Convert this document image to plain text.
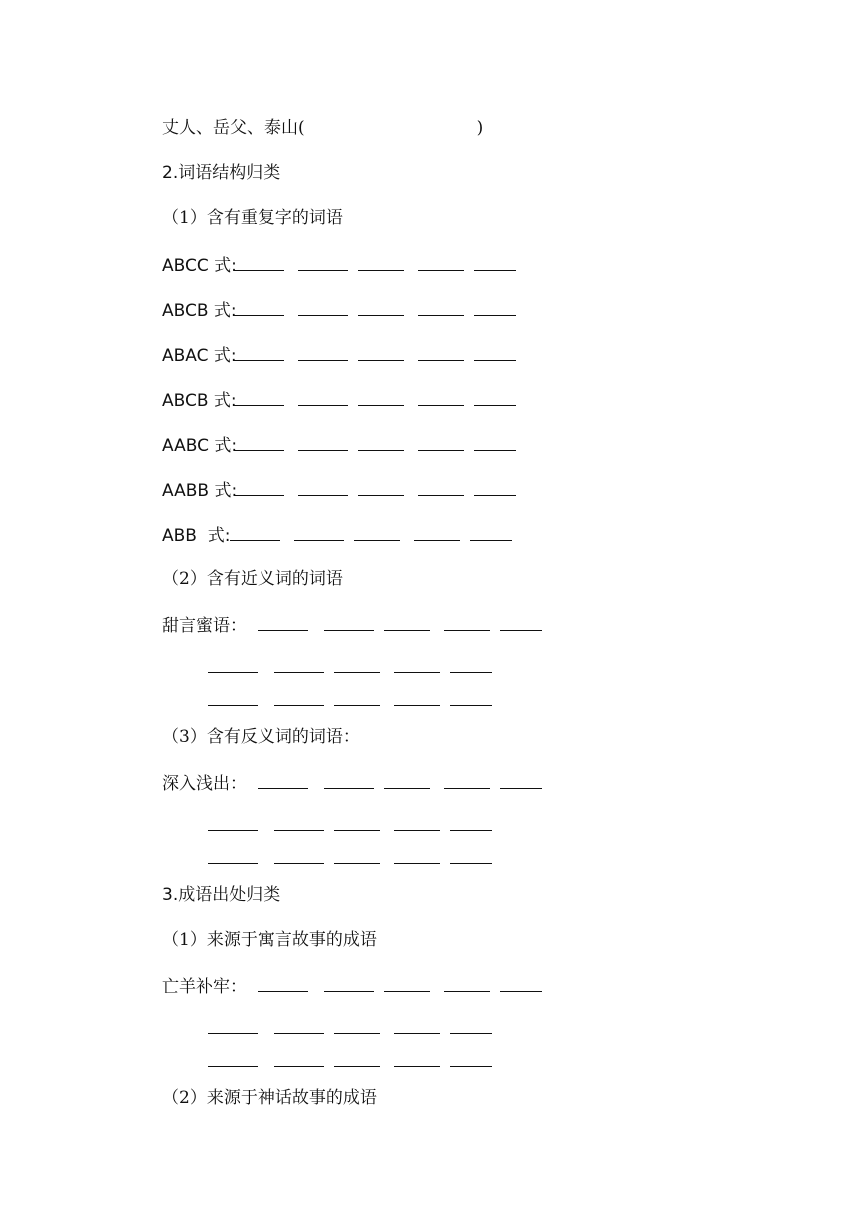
丈人、岳父、泰山(	)
2.词语结构归类
（1）含有重复字的词语
ABCC 式:
ABCB 式:
ABAC 式:
ABCB 式:
AABC 式:
AABB 式:
ABB  式:
（2）含有近义词的词语
甜言蜜语：
（3）含有反义词的词语：
深入浅出：
3.成语出处归类
（1）来源于寓言故事的成语
亡羊补牢：
（2）来源于神话故事的成语
